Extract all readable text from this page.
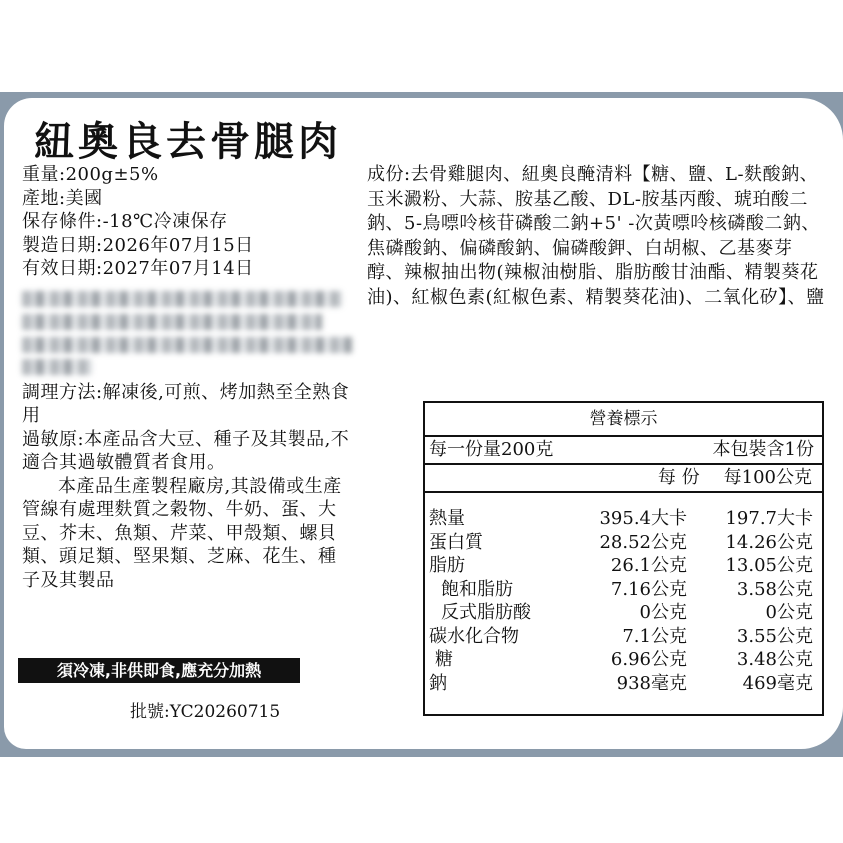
紐奧良去骨腿肉
重量:200g±5%
產地:美國
保存條件:-18℃冷凍保存
製造日期:2026年07月15日
有效日期:2027年07月14日
調理方法:解凍後,可煎、烤加熱至全熟食用
過敏原:本產品含大豆、種子及其製品,不適合其過敏體質者食用。
本產品生產製程廠房,其設備或生產管線有處理麩質之穀物、牛奶、蛋、大豆、芥末、魚類、芹菜、甲殼類、螺貝類、頭足類、堅果類、芝麻、花生、種子及其製品
須冷凍,非供即食,應充分加熱
批號:YC20260715
成份:去骨雞腿肉、紐奧良醃清料【糖、鹽、L-麩酸鈉、玉米澱粉、大蒜、胺基乙酸、DL-胺基丙酸、琥珀酸二鈉、5-鳥嘌呤核苷磷酸二鈉+5' -次黃嘌呤核磷酸二鈉、焦磷酸鈉、偏磷酸鈉、偏磷酸鉀、白胡椒、乙基麥芽醇、辣椒抽出物(辣椒油樹脂、脂肪酸甘油酯、精製葵花油)、紅椒色素(紅椒色素、精製葵花油)、二氧化矽】、鹽
營養標示
每一份量200克	本包裝含1份
每 份 每100公克
熱量	395.4大卡	197.7大卡
蛋白質	28.52公克	14.26公克
脂肪	26.1公克	13.05公克
飽和脂肪	7.16公克	3.58公克
反式脂肪酸	0公克	0公克
碳水化合物	7.1公克	3.55公克
糖	6.96公克	3.48公克
鈉	938毫克	469毫克
